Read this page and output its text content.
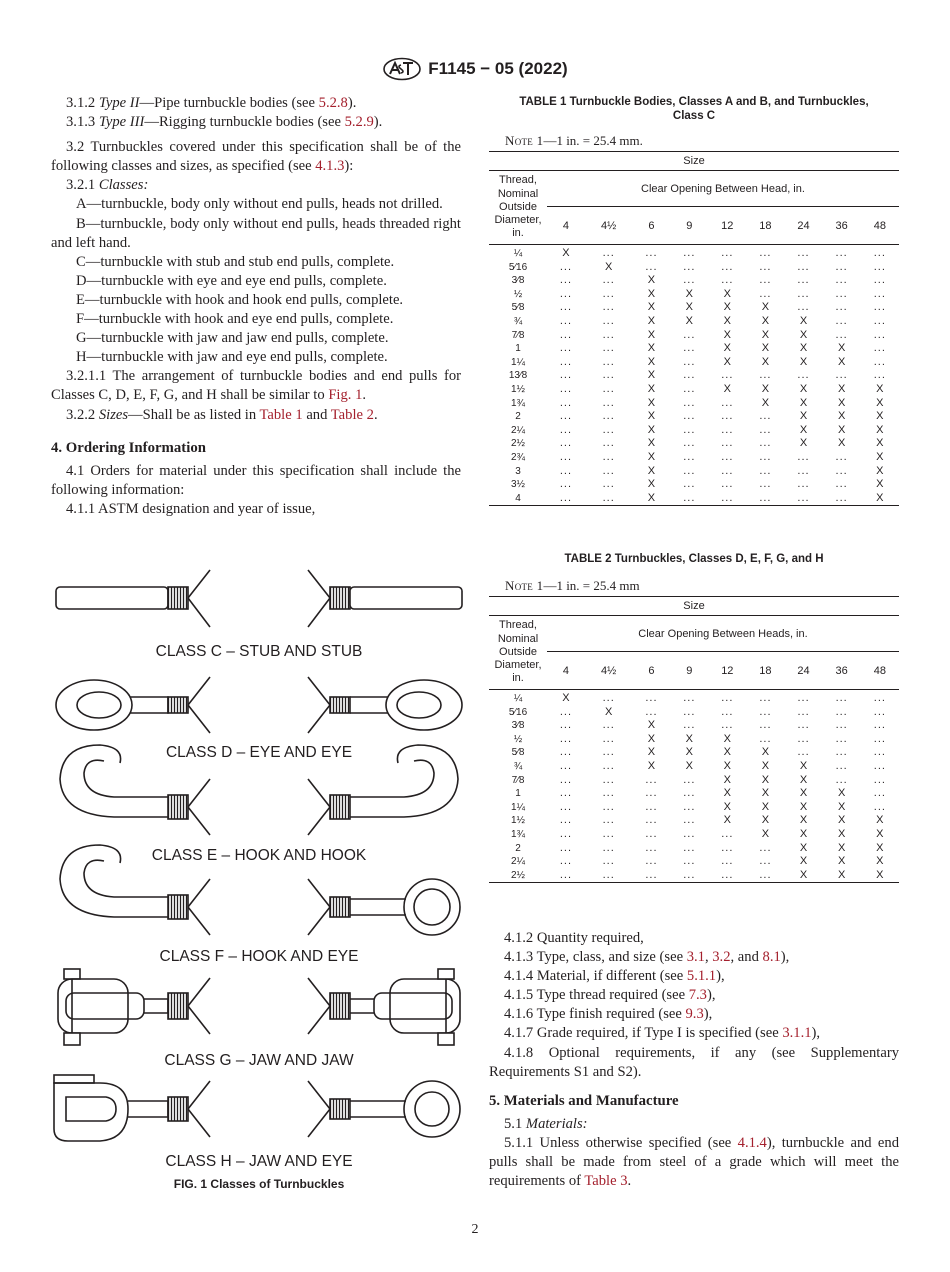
F1145 − 05 (2022)

3.1.2 Type II—Pipe turnbuckle bodies (see 5.2.8).

3.1.3 Type III—Rigging turnbuckle bodies (see 5.2.9).

3.2 Turnbuckles covered under this specification shall be of the following classes and sizes, as specified (see 4.1.3):

3.2.1 Classes:

A—turnbuckle, body only without end pulls, heads not drilled.

B—turnbuckle, body only without end pulls, heads threaded right and left hand.

C—turnbuckle with stub and stub end pulls, complete.

D—turnbuckle with eye and eye end pulls, complete.

E—turnbuckle with hook and hook end pulls, complete.

F—turnbuckle with hook and eye end pulls, complete.

G—turnbuckle with jaw and jaw end pulls, complete.

H—turnbuckle with jaw and eye end pulls, complete.

3.2.1.1 The arrangement of turnbuckle bodies and end pulls for Classes C, D, E, F, G, and H shall be similar to Fig. 1.

3.2.2 Sizes—Shall be as listed in Table 1 and Table 2.

4. Ordering Information

4.1 Orders for material under this specification shall include the following information:

4.1.1 ASTM designation and year of issue,

TABLE 1 Turnbuckle Bodies, Classes A and B, and Turnbuckles,
Class C
Note 1—1 in. = 25.4 mm.
Size									
Thread, Nominal Outside Diameter, in.	Clear Opening Between Head, in.								
	4	4½	6	9	12	18	24	36	48
¼	X	...	...	...	...	...	...	...	...
5⁄16	...	X	...	...	...	...	...	...	...
3⁄8	...	...	X	...	...	...	...	...	...
½	...	...	X	X	X	...	...	...	...
5⁄8	...	...	X	X	X	X	...	...	...
¾	...	...	X	X	X	X	X	...	...
7⁄8	...	...	X	...	X	X	X	...	...
1	...	...	X	...	X	X	X	X	...
1¼	...	...	X	...	X	X	X	X	...
13⁄8	...	...	X	...	...	...	...	...	...
1½	...	...	X	...	X	X	X	X	X
1¾	...	...	X	...	...	X	X	X	X
2	...	...	X	...	...	...	X	X	X
2¼	...	...	X	...	...	...	X	X	X
2½	...	...	X	...	...	...	X	X	X
2¾	...	...	X	...	...	...	...	...	X
3	...	...	X	...	...	...	...	...	X
3½	...	...	X	...	...	...	...	...	X
4	...	...	X	...	...	...	...	...	X
TABLE 2 Turnbuckles, Classes D, E, F, G, and H
Note 1—1 in. = 25.4 mm
Size									
Thread, Nominal Outside Diameter, in.	Clear Opening Between Heads, in.								
	4	4½	6	9	12	18	24	36	48
¼	X	...	...	...	...	...	...	...	...
5⁄16	...	X	...	...	...	...	...	...	...
3⁄8	...	...	X	...	...	...	...	...	...
½	...	...	X	X	X	...	...	...	...
5⁄8	...	...	X	X	X	X	...	...	...
¾	...	...	X	X	X	X	X	...	...
7⁄8	...	...	...	...	X	X	X	...	...
1	...	...	...	...	X	X	X	X	...
1¼	...	...	...	...	X	X	X	X	...
1½	...	...	...	...	X	X	X	X	X
1¾	...	...	...	...	...	X	X	X	X
2	...	...	...	...	...	...	X	X	X
2¼	...	...	...	...	...	...	X	X	X
2½	...	...	...	...	...	...	X	X	X

4.1.2 Quantity required,

4.1.3 Type, class, and size (see 3.1, 3.2, and 8.1),

4.1.4 Material, if different (see 5.1.1),

4.1.5 Type thread required (see 7.3),

4.1.6 Type finish required (see 9.3),

4.1.7 Grade required, if Type I is specified (see 3.1.1),

4.1.8 Optional requirements, if any (see Supplementary Requirements S1 and S2).

5. Materials and Manufacture

5.1 Materials:

5.1.1 Unless otherwise specified (see 4.1.4), turnbuckle and end pulls shall be made from steel of a grade which will meet the requirements of Table 3.

CLASS C – STUB AND STUB
CLASS D – EYE AND EYE
CLASS E – HOOK AND HOOK
CLASS F – HOOK AND EYE
CLASS G – JAW AND JAW
CLASS H – JAW AND EYE
FIG. 1 Classes of Turnbuckles
2
